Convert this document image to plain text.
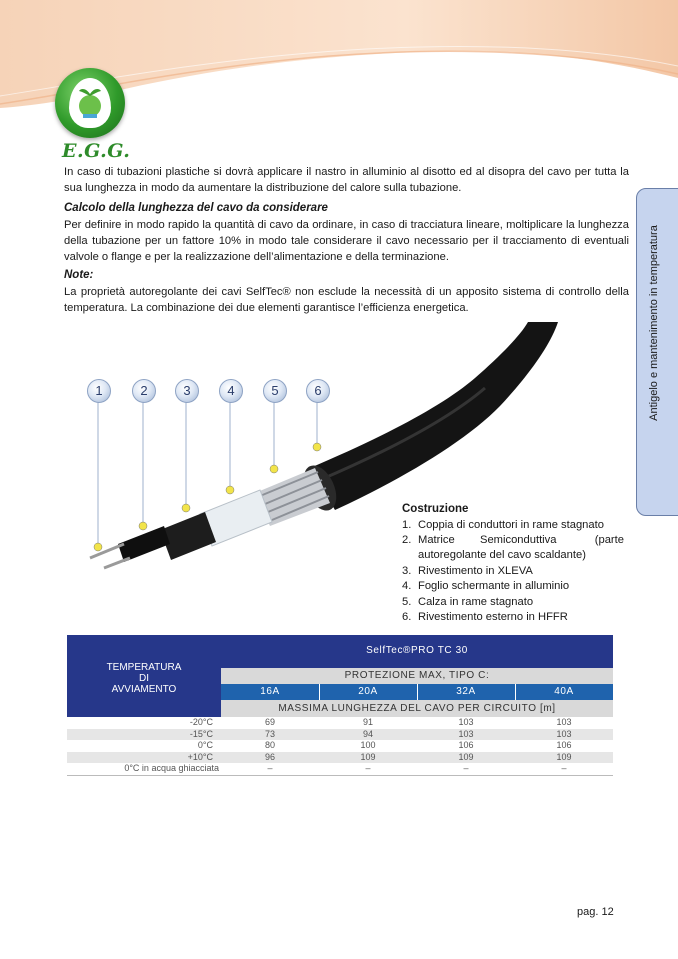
E.G.G.
Antigelo e mantenimento in temperatura
In caso di tubazioni plastiche si dovrà applicare il nastro in alluminio al disotto ed al disopra del cavo per tutta la sua lunghezza in modo da aumentare la distribuzione del calore sulla tubazione.
Calcolo della lunghezza del cavo da considerare
Per definire in modo rapido la quantità di cavo da ordinare, in caso di tracciatura lineare, moltiplicare la lunghezza della tubazione per un fattore 10% in modo tale considerare il cavo necessario per il tracciamento di eventuali valvole o flange e per la realizzazione dell’alimentazione e della terminazione.
Note:
La proprietà autoregolante dei cavi SelfTec® non esclude la necessità di un apposito sistema di controllo della temperatura. La combinazione dei due elementi garantisce l’efficienza energetica.
1	2	3	4	5	6
Costruzione
1. Coppia di conduttori in rame stagnato
2. Matrice Semiconduttiva	(parte
autoregolante del cavo scaldante)
3. Rivestimento in XLEVA
4. Foglio schermante in alluminio
5. Calza in rame stagnato
6. Rivestimento esterno in HFFR
TEMPERATURA
DI
AVVIAMENTO
SelfTec®PRO TC 30
PROTEZIONE MAX, TIPO C:
16A	20A	32A	40A
MASSIMA LUNGHEZZA DEL CAVO PER CIRCUITO [m]
-20°C	69	91	103	103
-15°C	73	94	103	103
0°C	80	100	106	106
+10°C	96	109	109	109
0°C in acqua ghiacciata	–	–	–	–
pag. 12
